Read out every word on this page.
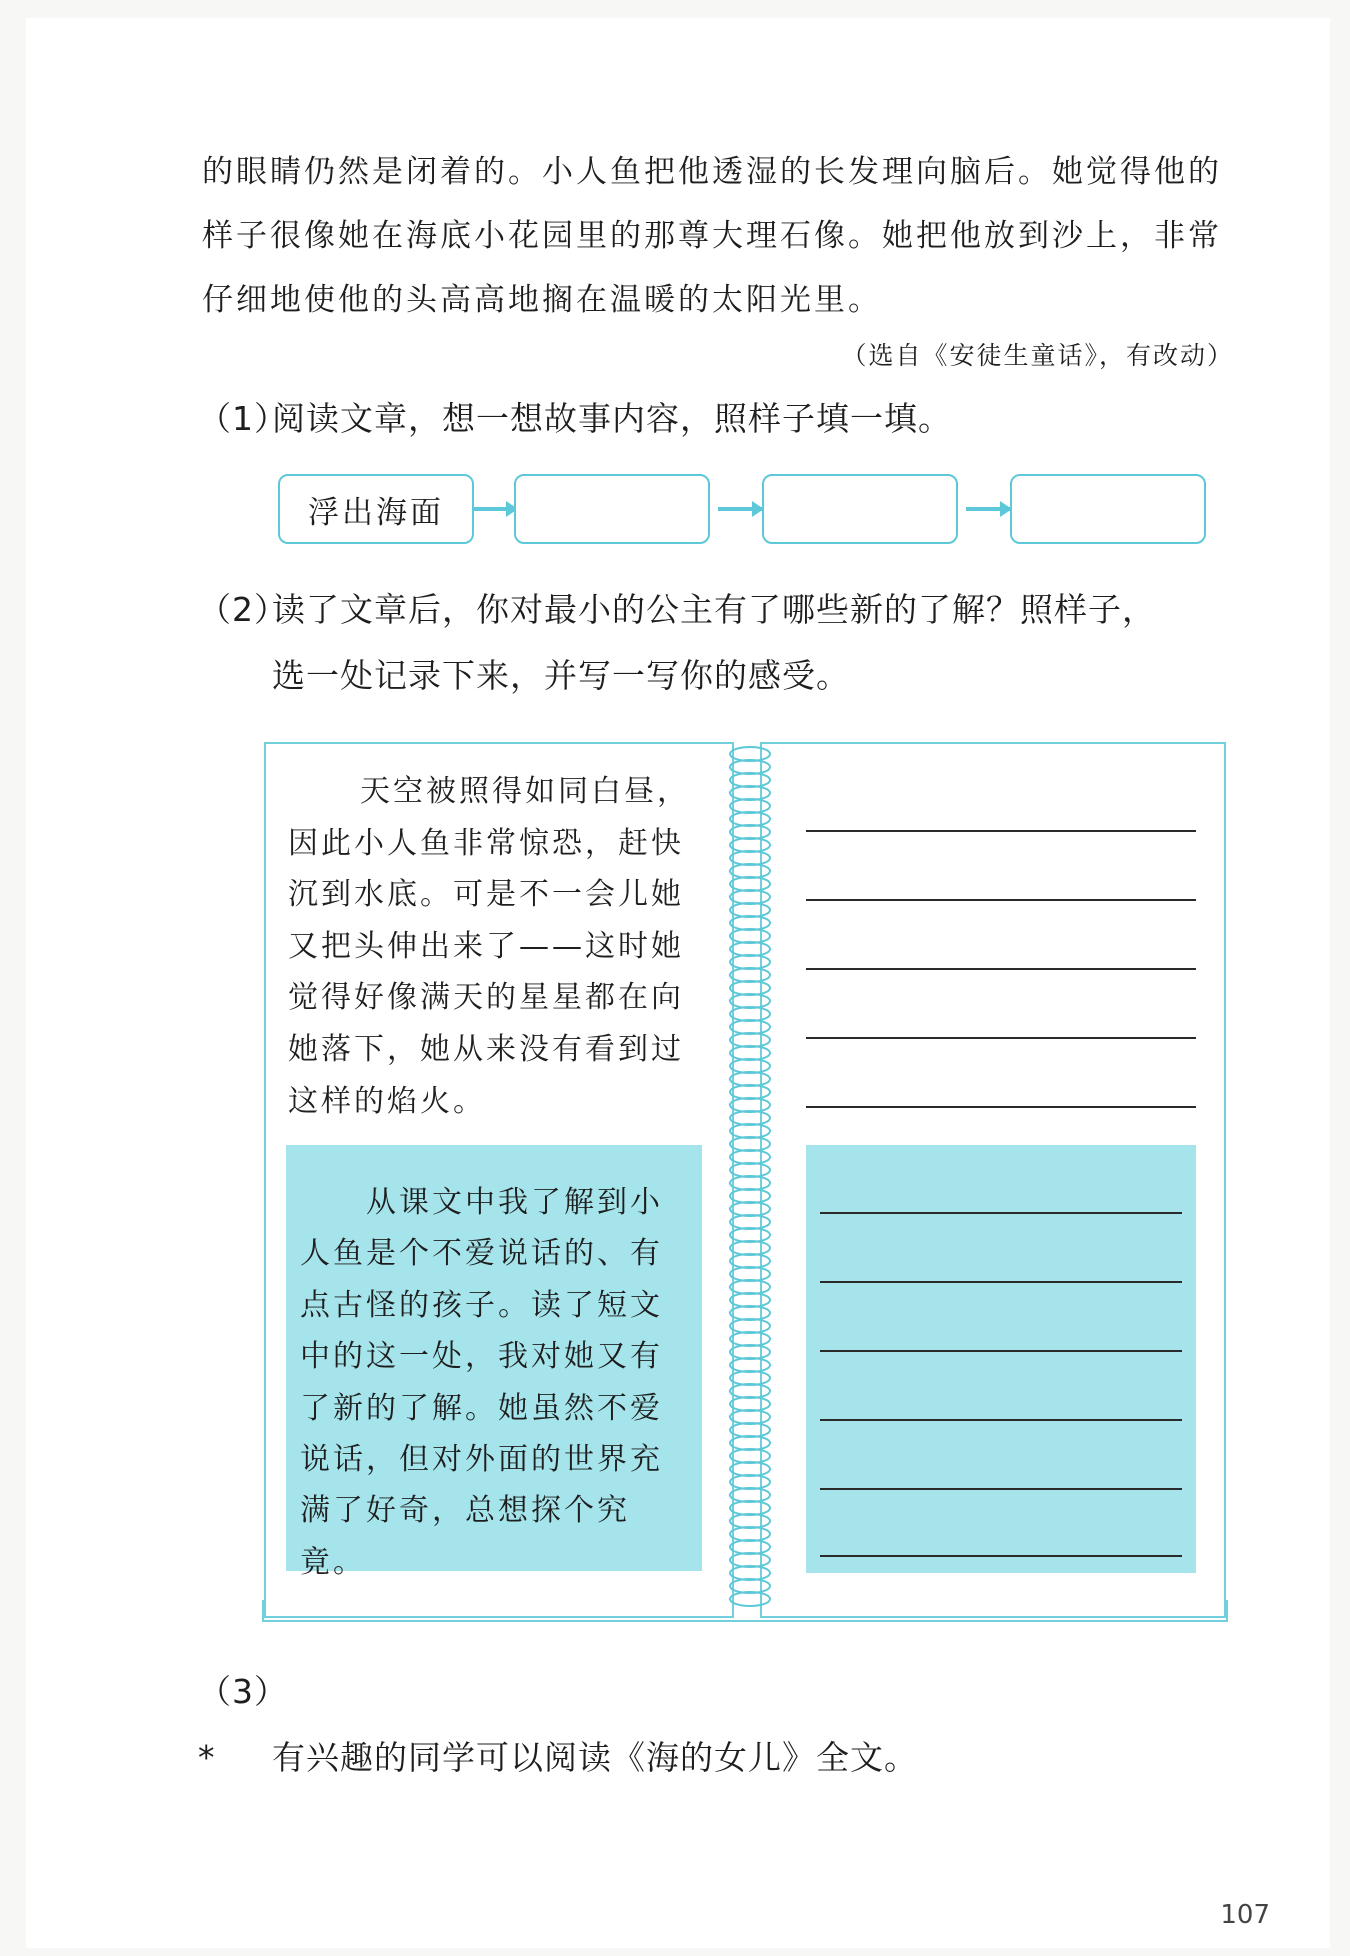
的眼睛仍然是闭着的。小人鱼把他透湿的长发理向脑后。她觉得他的样子很像她在海底小花园里的那尊大理石像。她把他放到沙上，非常仔细地使他的头高高地搁在温暖的太阳光里。

（选自《安徒生童话》，有改动）

（1）阅读文章，想一想故事内容，照样子填一填。

浮出海面

（2）读了文章后，你对最小的公主有了哪些新的了解？照样子，
选一处记录下来，并写一写你的感受。

天空被照得如同白昼，因此小人鱼非常惊恐，赶快沉到水底。可是不一会儿她又把头伸出来了——这时她觉得好像满天的星星都在向她落下，她从来没有看到过这样的焰火。

从课文中我了解到小人鱼是个不爱说话的、有点古怪的孩子。读了短文中的这一处，我对她又有了新的了解。她虽然不爱说话，但对外面的世界充满了好奇，总想探个究竟。

（3）* 有兴趣的同学可以阅读《海的女儿》全文。

107
